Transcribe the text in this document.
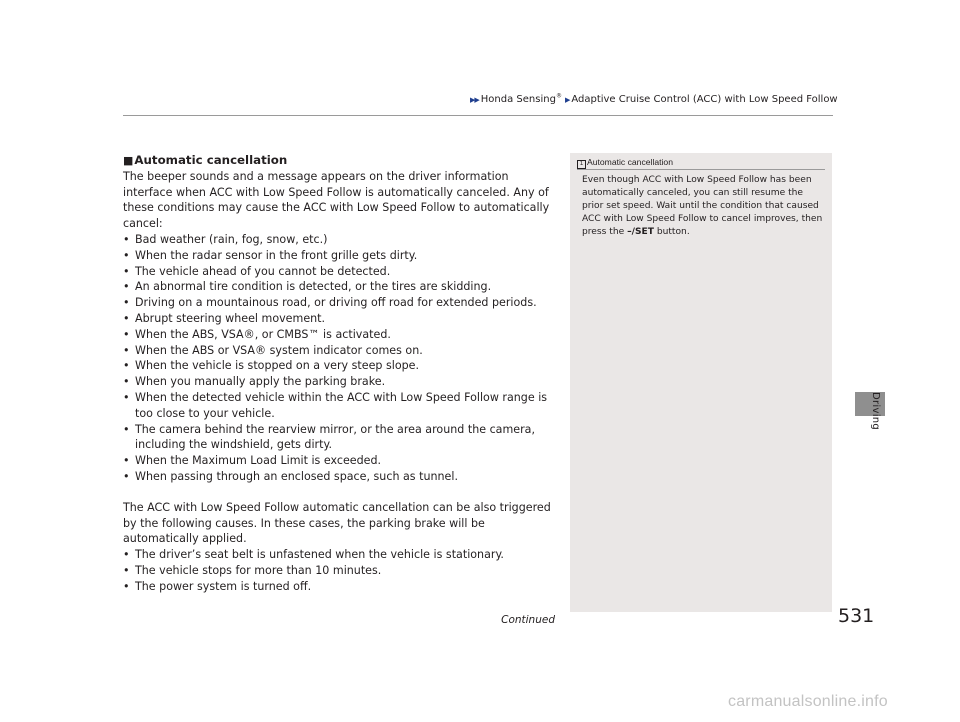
▶▶ Honda Sensing® ▶ Adaptive Cruise Control (ACC) with Low Speed Follow
■Automatic cancellation

The beeper sounds and a message appears on the driver information interface when ACC with Low Speed Follow is automatically canceled. Any of these conditions may cause the ACC with Low Speed Follow to automatically cancel:

• Bad weather (rain, fog, snow, etc.)
• When the radar sensor in the front grille gets dirty.
• The vehicle ahead of you cannot be detected.
• An abnormal tire condition is detected, or the tires are skidding.
• Driving on a mountainous road, or driving off road for extended periods.
• Abrupt steering wheel movement.
• When the ABS, VSA®, or CMBS™ is activated.
• When the ABS or VSA® system indicator comes on.
• When the vehicle is stopped on a very steep slope.
• When you manually apply the parking brake.
• When the detected vehicle within the ACC with Low Speed Follow range is too close to your vehicle.
• The camera behind the rearview mirror, or the area around the camera, including the windshield, gets dirty.
• When the Maximum Load Limit is exceeded.
• When passing through an enclosed space, such as tunnel.

The ACC with Low Speed Follow automatic cancellation can be also triggered by the following causes. In these cases, the parking brake will be automatically applied.

• The driver’s seat belt is unfastened when the vehicle is stationary.
• The vehicle stops for more than 10 minutes.
• The power system is turned off.
1 Automatic cancellation
Even though ACC with Low Speed Follow has been automatically canceled, you can still resume the prior set speed. Wait until the condition that caused ACC with Low Speed Follow to cancel improves, then press the –/SET button.
Continued	531
Driving
carmanualsonline.info
